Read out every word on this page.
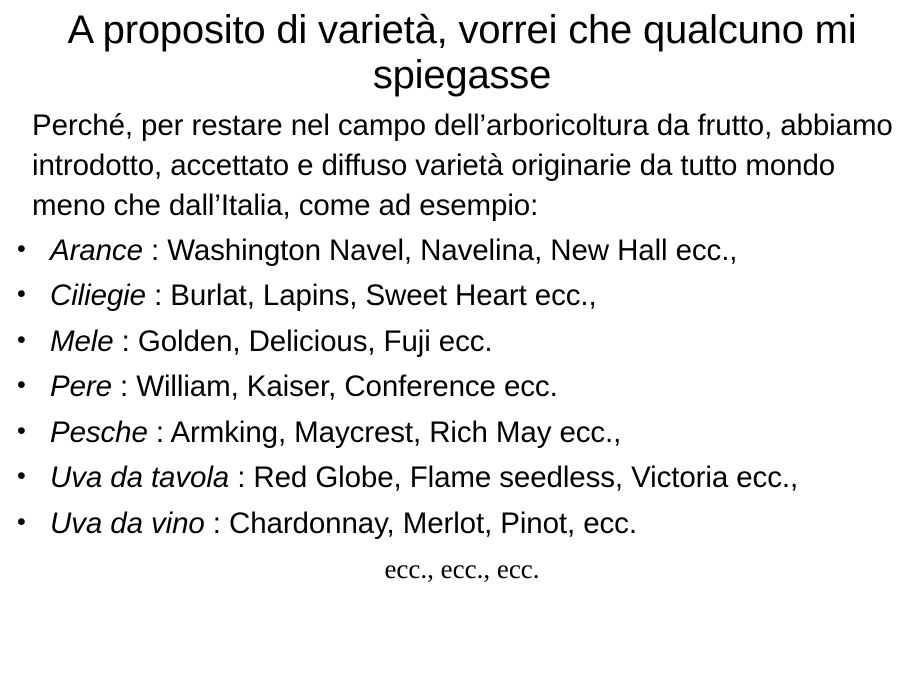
A proposito di varietà, vorrei che qualcuno mi spiegasse
Perché, per restare nel campo dell’arboricoltura da frutto, abbiamo introdotto, accettato e diffuso varietà originarie da tutto mondo meno che dall’Italia, come ad esempio:
• Arance : Washington Navel, Navelina, New Hall ecc.,
• Ciliegie : Burlat, Lapins, Sweet Heart ecc.,
• Mele : Golden, Delicious, Fuji ecc.
• Pere : William, Kaiser, Conference ecc.
• Pesche : Armking, Maycrest, Rich May ecc.,
• Uva da tavola : Red Globe, Flame seedless, Victoria ecc.,
• Uva da vino : Chardonnay, Merlot, Pinot, ecc.
ecc., ecc., ecc.
